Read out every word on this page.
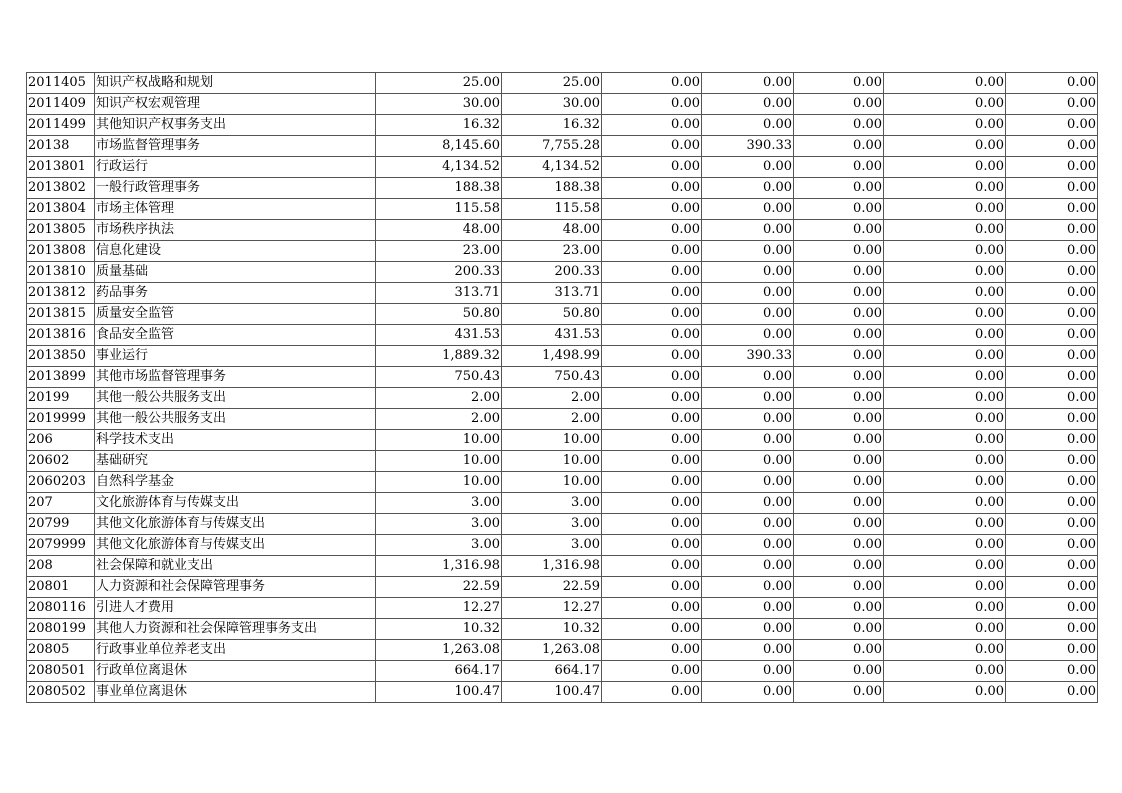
2011405	知识产权战略和规划	25.00	25.00	0.00	0.00	0.00	0.00	0.00
2011409	知识产权宏观管理	30.00	30.00	0.00	0.00	0.00	0.00	0.00
2011499	其他知识产权事务支出	16.32	16.32	0.00	0.00	0.00	0.00	0.00
20138	市场监督管理事务	8,145.60	7,755.28	0.00	390.33	0.00	0.00	0.00
2013801	行政运行	4,134.52	4,134.52	0.00	0.00	0.00	0.00	0.00
2013802	一般行政管理事务	188.38	188.38	0.00	0.00	0.00	0.00	0.00
2013804	市场主体管理	115.58	115.58	0.00	0.00	0.00	0.00	0.00
2013805	市场秩序执法	48.00	48.00	0.00	0.00	0.00	0.00	0.00
2013808	信息化建设	23.00	23.00	0.00	0.00	0.00	0.00	0.00
2013810	质量基础	200.33	200.33	0.00	0.00	0.00	0.00	0.00
2013812	药品事务	313.71	313.71	0.00	0.00	0.00	0.00	0.00
2013815	质量安全监管	50.80	50.80	0.00	0.00	0.00	0.00	0.00
2013816	食品安全监管	431.53	431.53	0.00	0.00	0.00	0.00	0.00
2013850	事业运行	1,889.32	1,498.99	0.00	390.33	0.00	0.00	0.00
2013899	其他市场监督管理事务	750.43	750.43	0.00	0.00	0.00	0.00	0.00
20199	其他一般公共服务支出	2.00	2.00	0.00	0.00	0.00	0.00	0.00
2019999	其他一般公共服务支出	2.00	2.00	0.00	0.00	0.00	0.00	0.00
206	科学技术支出	10.00	10.00	0.00	0.00	0.00	0.00	0.00
20602	基础研究	10.00	10.00	0.00	0.00	0.00	0.00	0.00
2060203	自然科学基金	10.00	10.00	0.00	0.00	0.00	0.00	0.00
207	文化旅游体育与传媒支出	3.00	3.00	0.00	0.00	0.00	0.00	0.00
20799	其他文化旅游体育与传媒支出	3.00	3.00	0.00	0.00	0.00	0.00	0.00
2079999	其他文化旅游体育与传媒支出	3.00	3.00	0.00	0.00	0.00	0.00	0.00
208	社会保障和就业支出	1,316.98	1,316.98	0.00	0.00	0.00	0.00	0.00
20801	人力资源和社会保障管理事务	22.59	22.59	0.00	0.00	0.00	0.00	0.00
2080116	引进人才费用	12.27	12.27	0.00	0.00	0.00	0.00	0.00
2080199	其他人力资源和社会保障管理事务支出	10.32	10.32	0.00	0.00	0.00	0.00	0.00
20805	行政事业单位养老支出	1,263.08	1,263.08	0.00	0.00	0.00	0.00	0.00
2080501	行政单位离退休	664.17	664.17	0.00	0.00	0.00	0.00	0.00
2080502	事业单位离退休	100.47	100.47	0.00	0.00	0.00	0.00	0.00
